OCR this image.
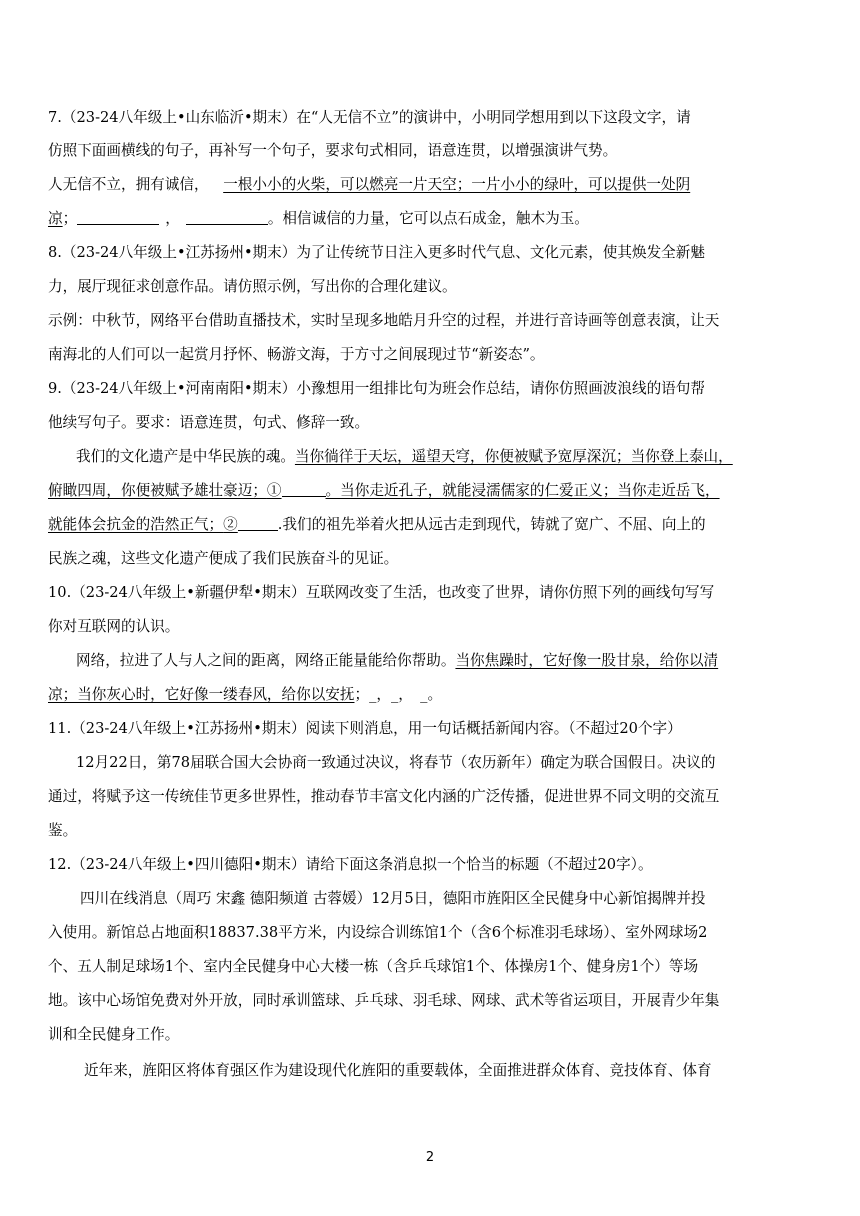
7.（23-24八年级上•山东临沂•期末）在“人无信不立”的演讲中，小明同学想用到以下这段文字，请
仿照下面画横线的句子，再补写一个句子，要求句式相同，语意连贯，以增强演讲气势。
人无信不立，拥有诚信， 一根小小的火柴，可以燃亮一片天空；一片小小的绿叶，可以提供一处阴
凉；	，	。相信诚信的力量，它可以点石成金，触木为玉。
8.（23-24八年级上•江苏扬州•期末）为了让传统节日注入更多时代气息、文化元素，使其焕发全新魅
力，展厅现征求创意作品。请仿照示例，写出你的合理化建议。
示例：中秋节，网络平台借助直播技术，实时呈现多地皓月升空的过程，并进行音诗画等创意表演，让天
南海北的人们可以一起赏月抒怀、畅游文海，于方寸之间展现过节“新姿态”。
9.（23-24八年级上•河南南阳•期末）小豫想用一组排比句为班会作总结，请你仿照画波浪线的语句帮
他续写句子。要求：语意连贯，句式、修辞一致。
我们的文化遗产是中华民族的魂。当你徜徉于天坛，遥望天穹，你便被赋予宽厚深沉；当你登上泰山，
俯瞰四周，你便被赋予雄壮豪迈；①	。当你走近孔子，就能浸濡儒家的仁爱正义；当你走近岳飞，
就能体会抗金的浩然正气；②	.我们的祖先举着火把从远古走到现代，铸就了宽广、不屈、向上的
民族之魂，这些文化遗产便成了我们民族奋斗的见证。
10.（23-24八年级上•新疆伊犁•期末）互联网改变了生活，也改变了世界，请你仿照下列的画线句写写
你对互联网的认识。
网络，拉进了人与人之间的距离，网络正能量能给你帮助。当你焦躁时，它好像一股甘泉，给你以清
凉；当你灰心时，它好像一缕春风，给你以安抚；_，_，　_。
11.（23-24八年级上•江苏扬州•期末）阅读下则消息，用一句话概括新闻内容。（不超过20个字）
12月22日，第78届联合国大会协商一致通过决议，将春节（农历新年）确定为联合国假日。决议的
通过，将赋予这一传统佳节更多世界性，推动春节丰富文化内涵的广泛传播，促进世界不同文明的交流互
鉴。
12.（23-24八年级上•四川德阳•期末）请给下面这条消息拟一个恰当的标题（不超过20字）。
四川在线消息（周巧 宋鑫 德阳频道 古蓉媛）12月5日，德阳市旌阳区全民健身中心新馆揭牌并投
入使用。新馆总占地面积18837.38平方米，内设综合训练馆1个（含6个标准羽毛球场）、室外网球场2
个、五人制足球场1个、室内全民健身中心大楼一栋（含乒乓球馆1个、体操房1个、健身房1个）等场
地。该中心场馆免费对外开放，同时承训篮球、乒乓球、羽毛球、网球、武术等省运项目，开展青少年集
训和全民健身工作。
近年来，旌阳区将体育强区作为建设现代化旌阳的重要载体，全面推进群众体育、竞技体育、体育
2
